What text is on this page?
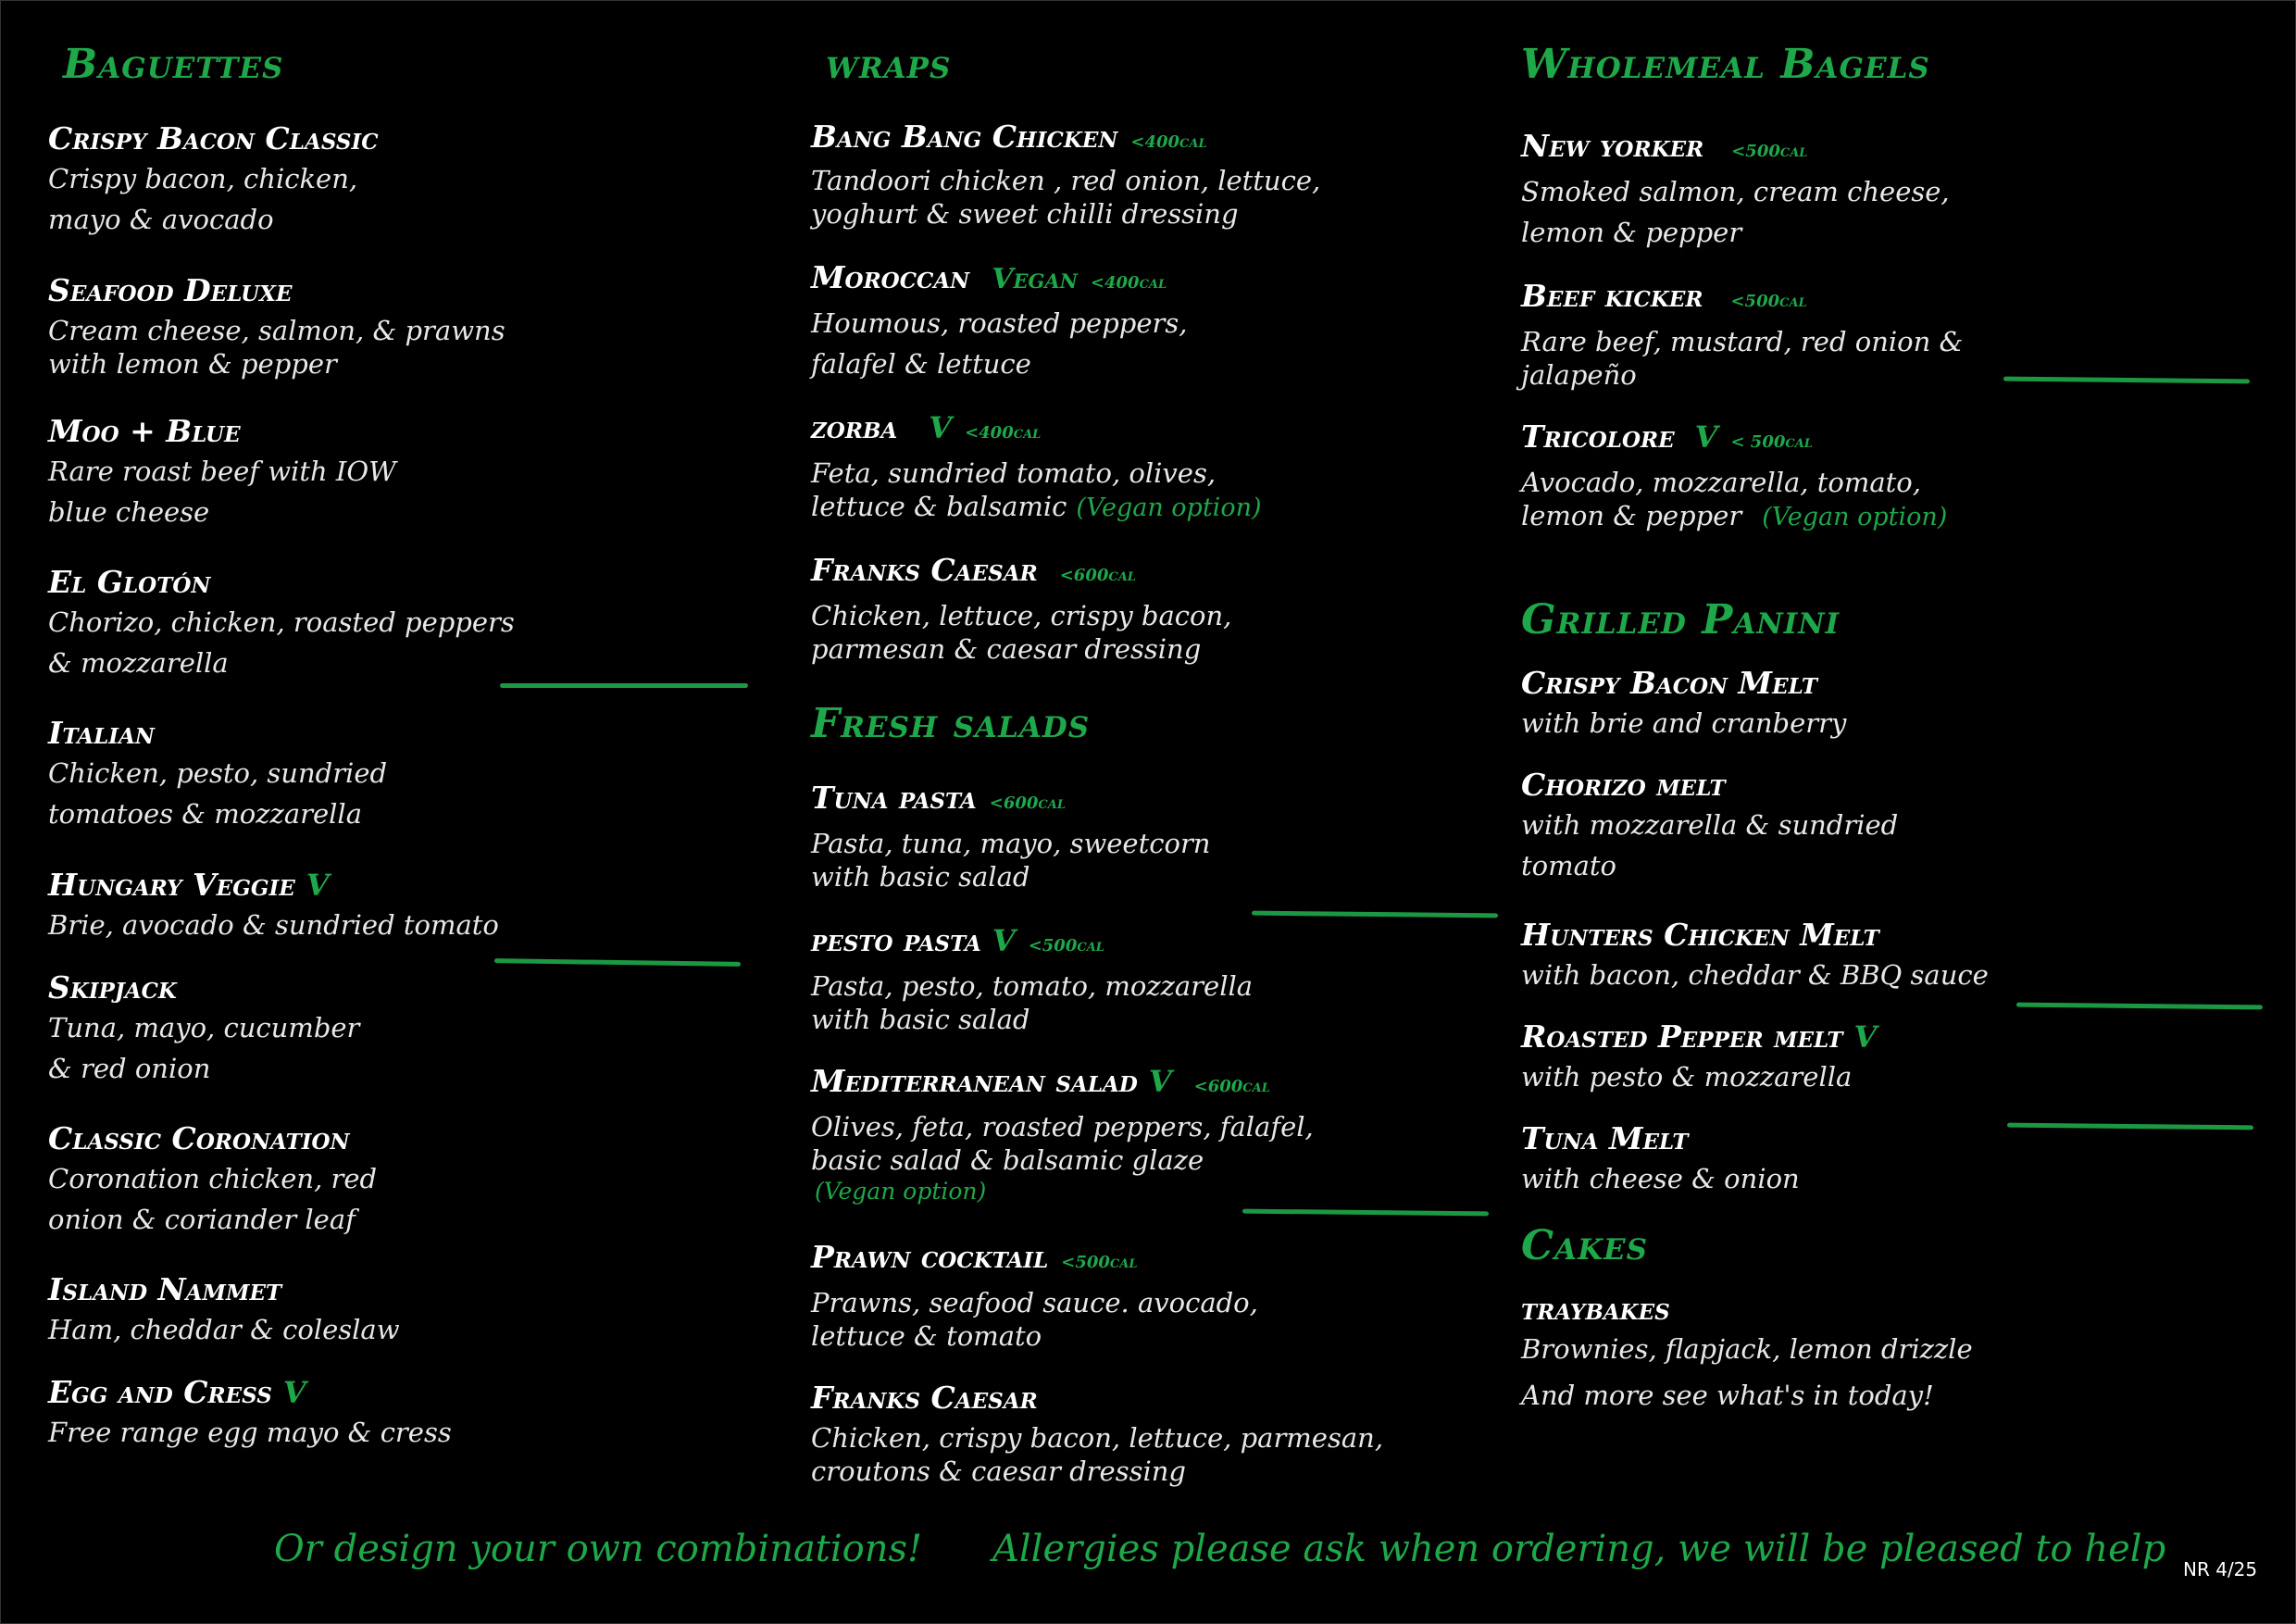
Baguettes
Crispy Bacon Classic
Crispy bacon, chicken,
mayo & avocado
Seafood Deluxe
Cream cheese, salmon, & prawns
with lemon & pepper
Moo + Blue
Rare roast beef with IOW
blue cheese
El Glotón
Chorizo, chicken, roasted peppers
& mozzarella
Italian
Chicken, pesto, sundried
tomatoes & mozzarella
Hungary Veggie V
Brie, avocado & sundried tomato
Skipjack
Tuna, mayo, cucumber
& red onion
Classic Coronation
Coronation chicken, red
onion & coriander leaf
Island Nammet
Ham, cheddar & coleslaw
Egg and Cress V
Free range egg mayo & cress
wraps
Bang Bang Chicken <400cal
Tandoori chicken , red onion, lettuce,
yoghurt & sweet chilli dressing
Moroccan Vegan <400cal
Houmous, roasted peppers,
falafel & lettuce
zorba V <400cal
Feta, sundried tomato, olives,
lettuce & balsamic (Vegan option)
Franks Caesar <600cal
Chicken, lettuce, crispy bacon,
parmesan & caesar dressing
Fresh salads
Tuna pasta <600cal
Pasta, tuna, mayo, sweetcorn
with basic salad
pesto pasta V <500cal
Pasta, pesto, tomato, mozzarella
with basic salad
Mediterranean salad V <600cal
Olives, feta, roasted peppers, falafel,
basic salad & balsamic glaze
(Vegan option)
Prawn cocktail <500cal
Prawns, seafood sauce. avocado,
lettuce & tomato
Franks Caesar
Chicken, crispy bacon, lettuce, parmesan,
croutons & caesar dressing
Wholemeal Bagels
New yorker <500cal
Smoked salmon, cream cheese,
lemon & pepper
Beef kicker <500cal
Rare beef, mustard, red onion &
jalapeño
Tricolore V < 500cal
Avocado, mozzarella, tomato,
lemon & pepper (Vegan option)
Grilled Panini
Crispy Bacon Melt
with brie and cranberry
Chorizo melt
with mozzarella & sundried
tomato
Hunters Chicken Melt
with bacon, cheddar & BBQ sauce
Roasted Pepper melt V
with pesto & mozzarella
Tuna Melt
with cheese & onion
Cakes
traybakes
Brownies, flapjack, lemon drizzle
And more see what's in today!
Or design your own combinations! Allergies please ask when ordering, we will be pleased to help NR 4/25
